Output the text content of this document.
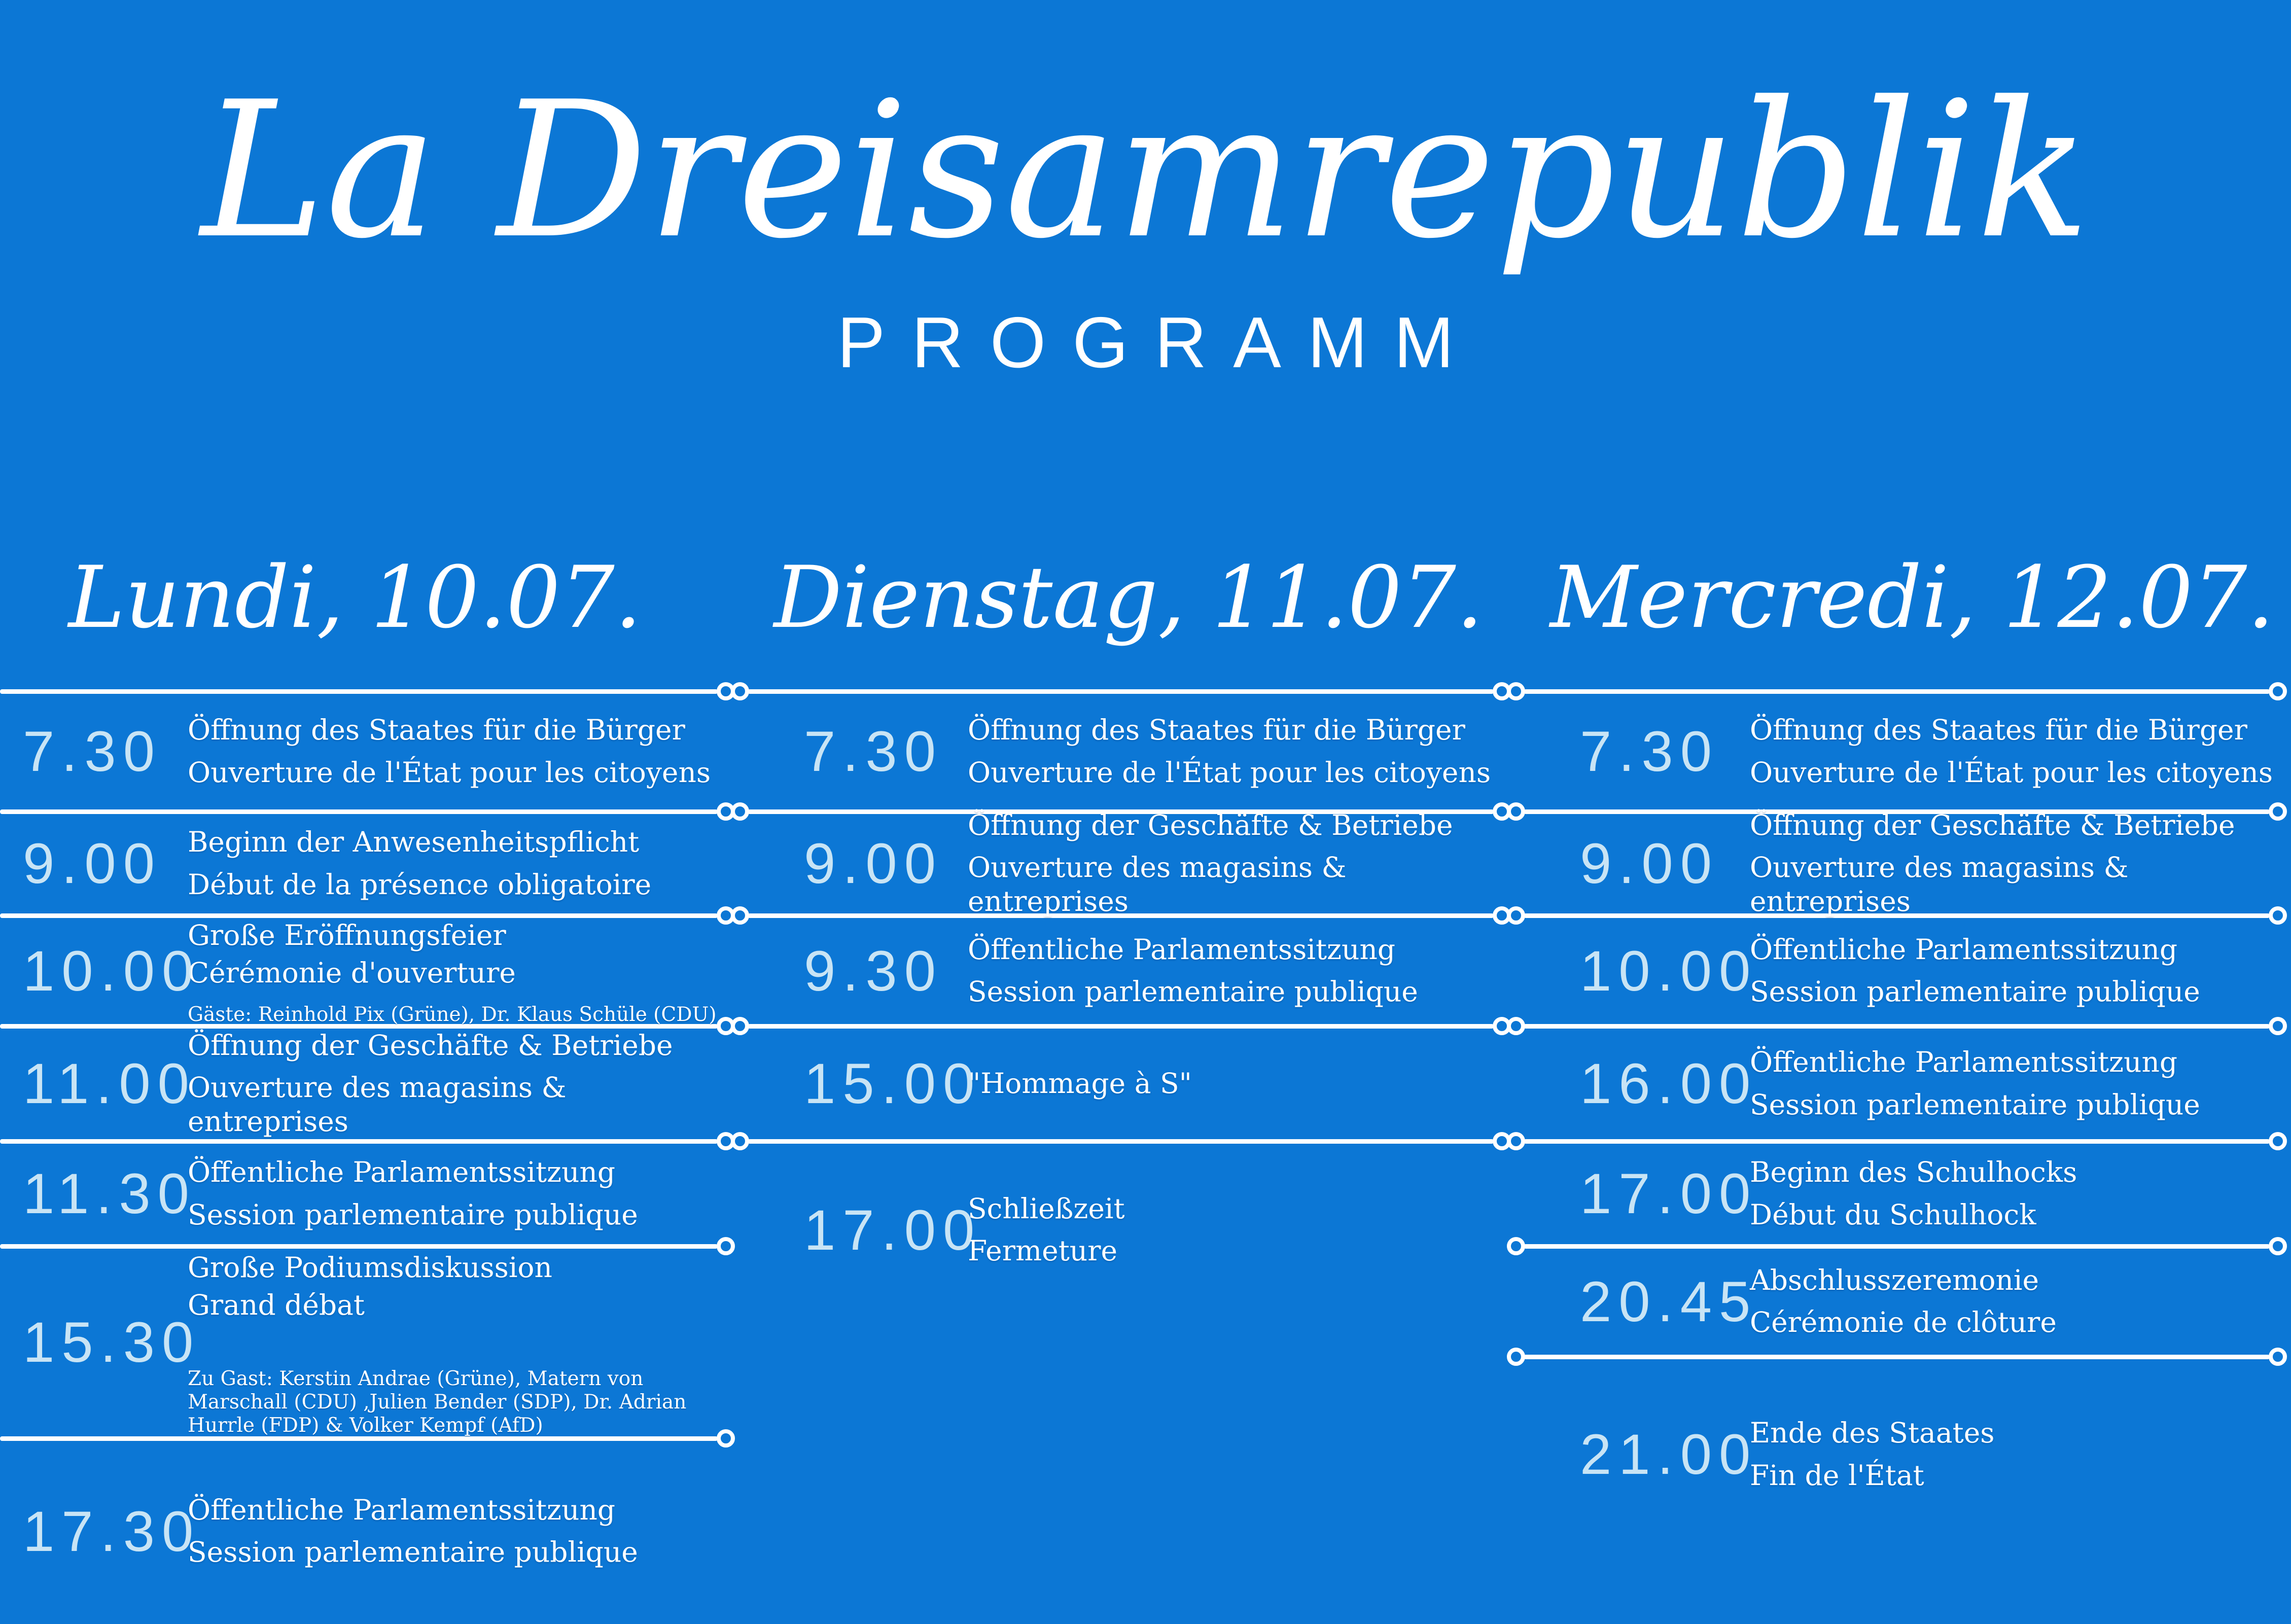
La Dreisamrepublik
PROGRAMM
Lundi, 10.07.	Dienstag, 11.07. Mercredi, 12.07.
7.30 Öffnung des Staates für die Bürger
Ouverture de l'État pour les citoyens
9.00 Beginn der Anwesenheitspflicht
Début de la présence obligatoire
10.00
Große Eröffnungsfeier
Cérémonie d'ouverture
Gäste: Reinhold Pix (Grüne), Dr. Klaus Schüle (CDU)
11.00
Öffnung der Geschäfte & Betriebe
Ouverture des magasins & entreprises
11.30
Öffentliche Parlamentssitzung
Session parlementaire publique
15.30
Große Podiumsdiskussion
Grand débat
Zu Gast: Kerstin Andrae (Grüne), Matern von Marschall (CDU) ,Julien Bender (SDP), Dr. Adrian Hurrle (FDP) & Volker Kempf (AfD)
17.30
Öffentliche Parlamentssitzung
Session parlementaire publique
7.30 Öffnung des Staates für die Bürger
Ouverture de l'État pour les citoyens
9.00
Öffnung der Geschäfte & Betriebe
Ouverture des magasins & entreprises
9.30 Öffentliche Parlamentssitzung
Session parlementaire publique
15.00
"Hommage à S"
17.00
Schließzeit
Fermeture
7.30	Öffnung des Staates für die Bürger
Ouverture de l'État pour les citoyens
9.00
Öffnung der Geschäfte & Betriebe
Ouverture des magasins & entreprises
10.00
Öffentliche Parlamentssitzung
Session parlementaire publique
16.00
Öffentliche Parlamentssitzung
Session parlementaire publique
17.00
Beginn des Schulhocks
Début du Schulhock
20.45
Abschlusszeremonie
Cérémonie de clôture
21.00
Ende des Staates
Fin de l'État
